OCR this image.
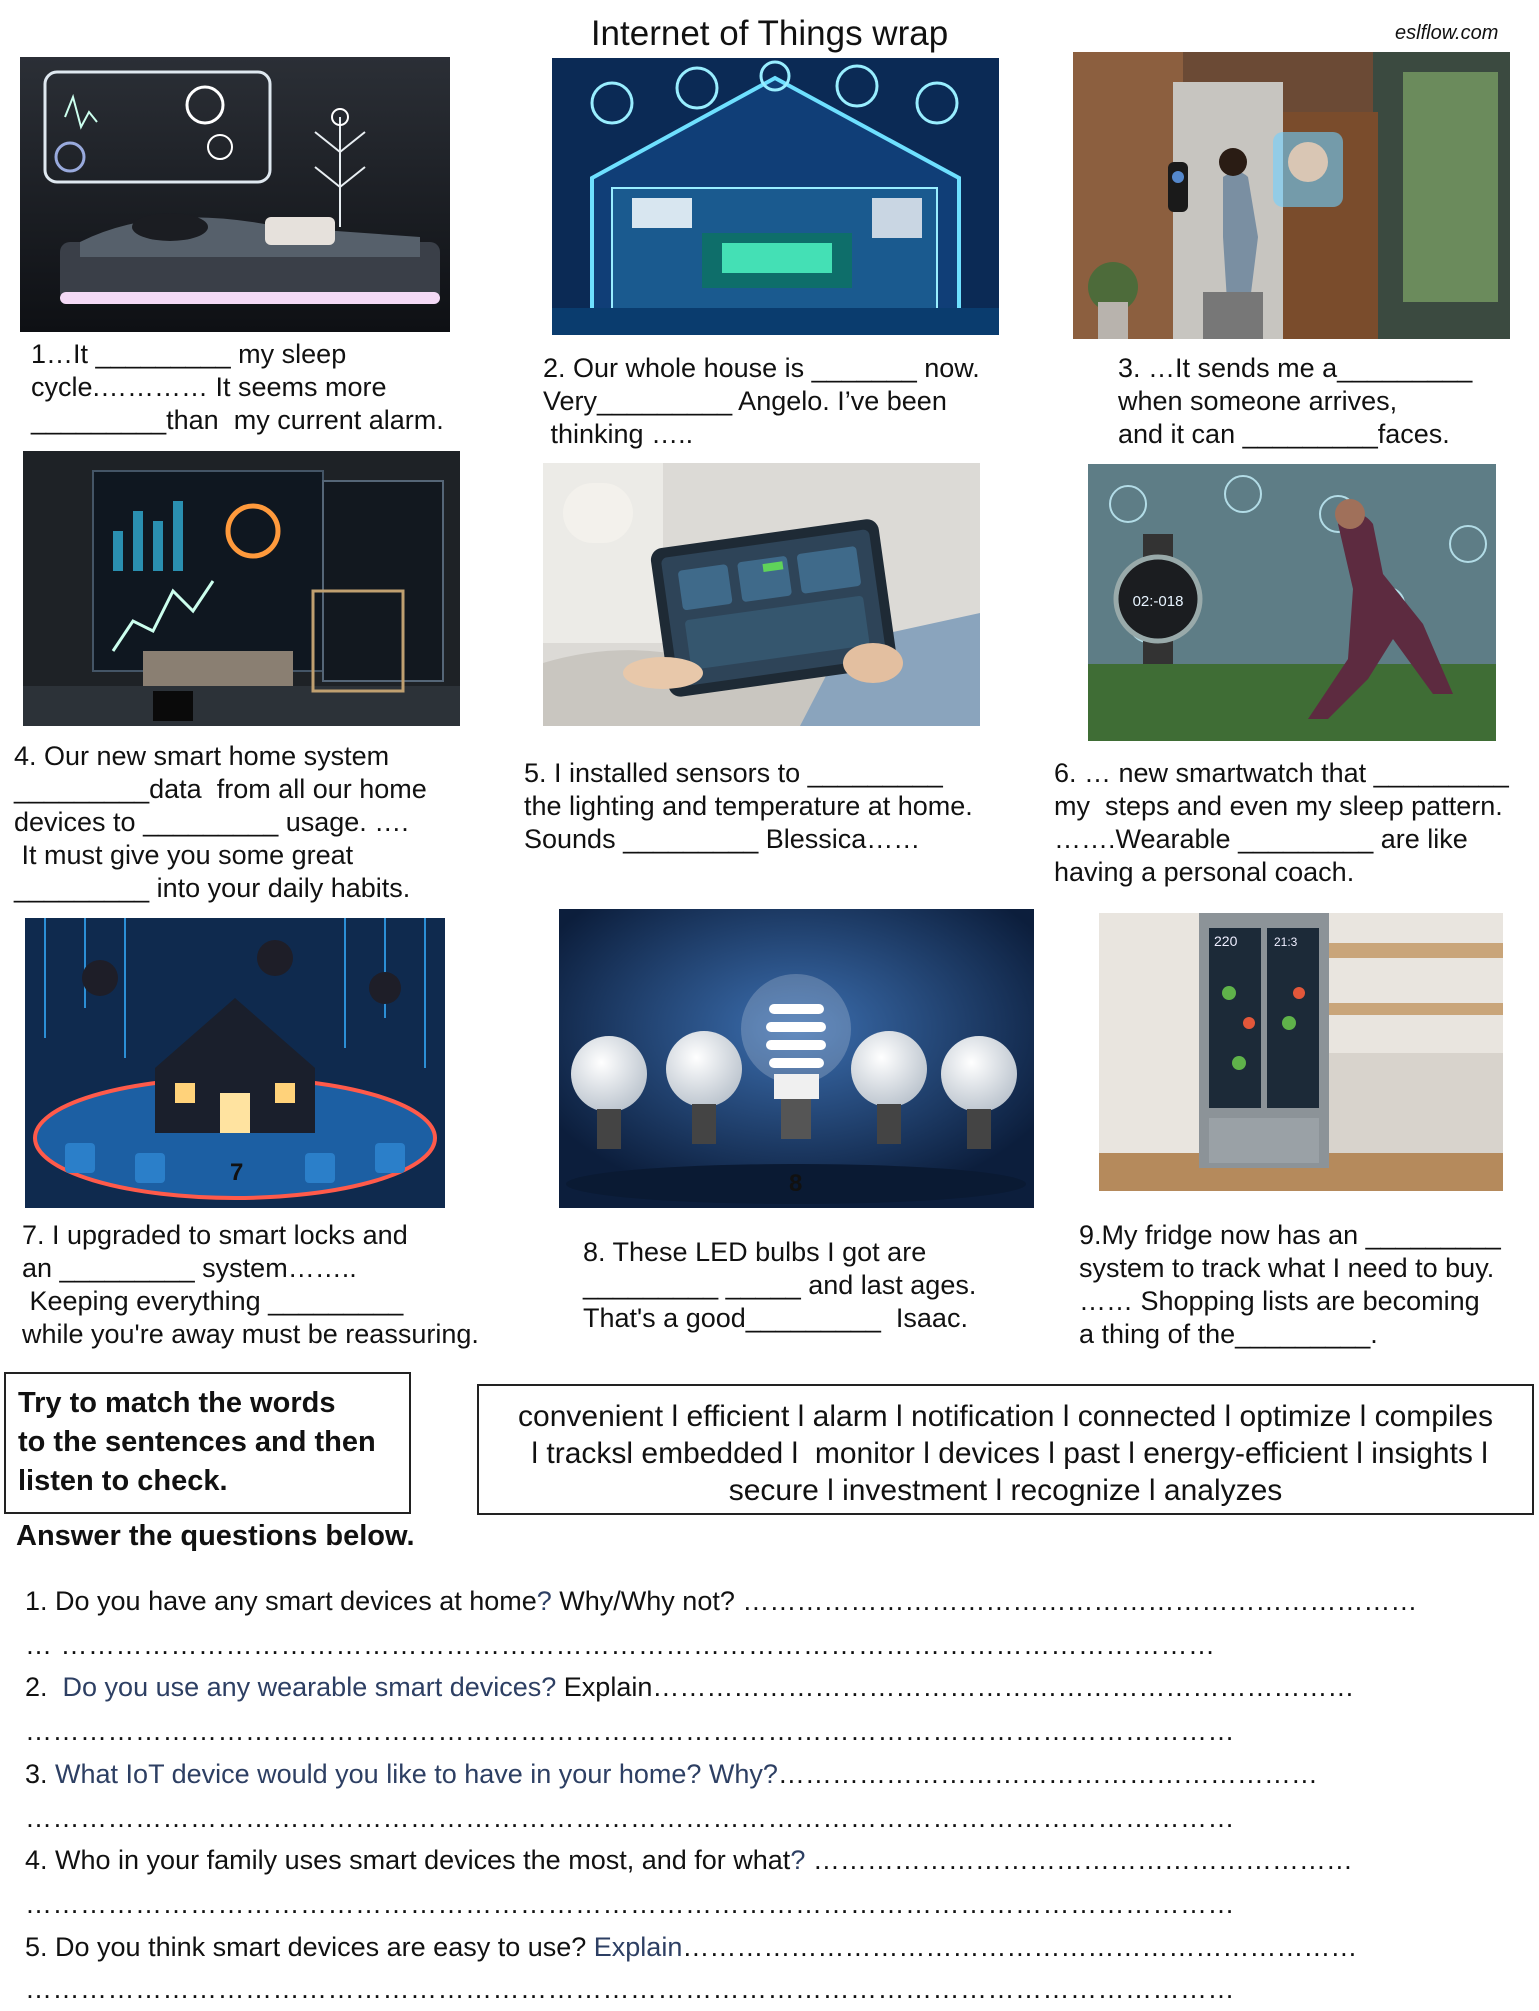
Internet of Things wrap	eslflow.com
1…It _________ my sleep
cycle.………… It seems more
_________than  my current alarm.
2. Our whole house is _______ now.
Very_________ Angelo. I’ve been
thinking …..
3. …It sends me a_________
when someone arrives,
and it can _________faces.
02:-018
4. Our new smart home system
_________data  from all our home
devices to _________ usage. ….
It must give you some great
_________ into your daily habits.
5. I installed sensors to _________
the lighting and temperature at home.
Sounds _________ Blessica……
6. … new smartwatch that _________
my  steps and even my sleep pattern.
…….Wearable _________ are like
having a personal coach.
7	8
220	21:3
7. I upgraded to smart locks and
an _________ system……..
Keeping everything _________
while you're away must be reassuring.
8. These LED bulbs I got are
_________ _____ and last ages.
That's a good_________  Isaac.
9.My fridge now has an _________
system to track what I need to buy.
…… Shopping lists are becoming
a thing of the_________.
Try to match the words
to the sentences and then
listen to check.
convenient l efficient l alarm l notification l connected l optimize l compiles
l tracksl embedded l  monitor l devices l past l energy-efficient l insights l
secure l investment l recognize l analyzes
Answer the questions below.
1. Do you have any smart devices at home? Why/Why not? …………………………………………………………………
… ………………………………………………………………………………………………………………
2.  Do you use any wearable smart devices? Explain……………………………………………………………………
……………………………………………………………………………………………………………………
3. What IoT device would you like to have in your home? Why?……………………………………………………
……………………………………………………………………………………………………………………
4. Who in your family uses smart devices the most, and for what? ……………………………………………………
……………………………………………………………………………………………………………………
5. Do you think smart devices are easy to use? Explain…………………………………………………………………
……………………………………………………………………………………………………………………
